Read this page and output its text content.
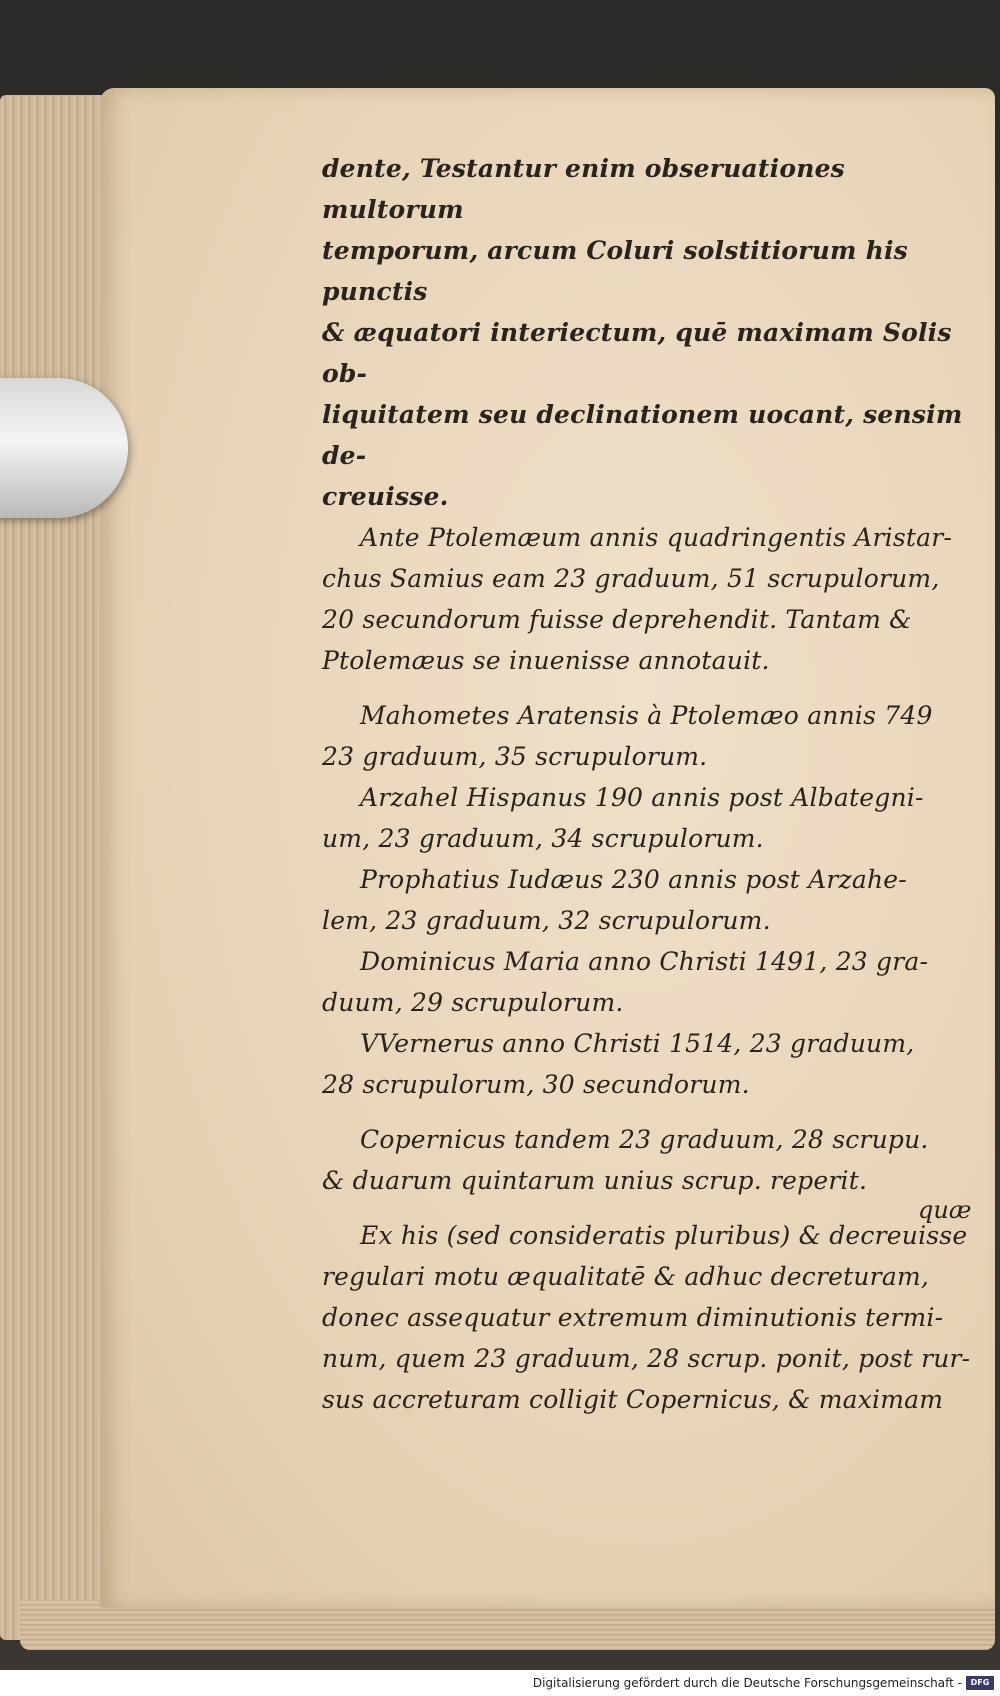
dente, Testantur enim obseruationes multorum

temporum, arcum Coluri solstitiorum his punctis

& æquatori interiectum, quē maximam Solis ob-

liquitatem seu declinationem uocant, sensim de-

creuisse.

Ante Ptolemæum annis quadringentis Aristar-

chus Samius eam 23 graduum, 51 scrupulorum,

20 secundorum fuisse deprehendit. Tantam &

Ptolemæus se inuenisse annotauit.

Mahometes Aratensis à Ptolemæo annis 749

23 graduum, 35 scrupulorum.

Arzahel Hispanus 190 annis post Albategni-

um, 23 graduum, 34 scrupulorum.

Prophatius Iudæus 230 annis post Arzahe-

lem, 23 graduum, 32 scrupulorum.

Dominicus Maria anno Christi 1491, 23 gra-

duum, 29 scrupulorum.

VVernerus anno Christi 1514, 23 graduum,

28 scrupulorum, 30 secundorum.

Copernicus tandem 23 graduum, 28 scrupu.

& duarum quintarum unius scrup. reperit.

Ex his (sed consideratis pluribus) & decreuisse

regulari motu æqualitatē & adhuc decreturam,

donec assequatur extremum diminutionis termi-

num, quem 23 graduum, 28 scrup. ponit, post rur-

sus accreturam colligit Copernicus, & maximam

quæ
Digitalisierung gefördert durch die Deutsche Forschungsgemeinschaft -	DFG
